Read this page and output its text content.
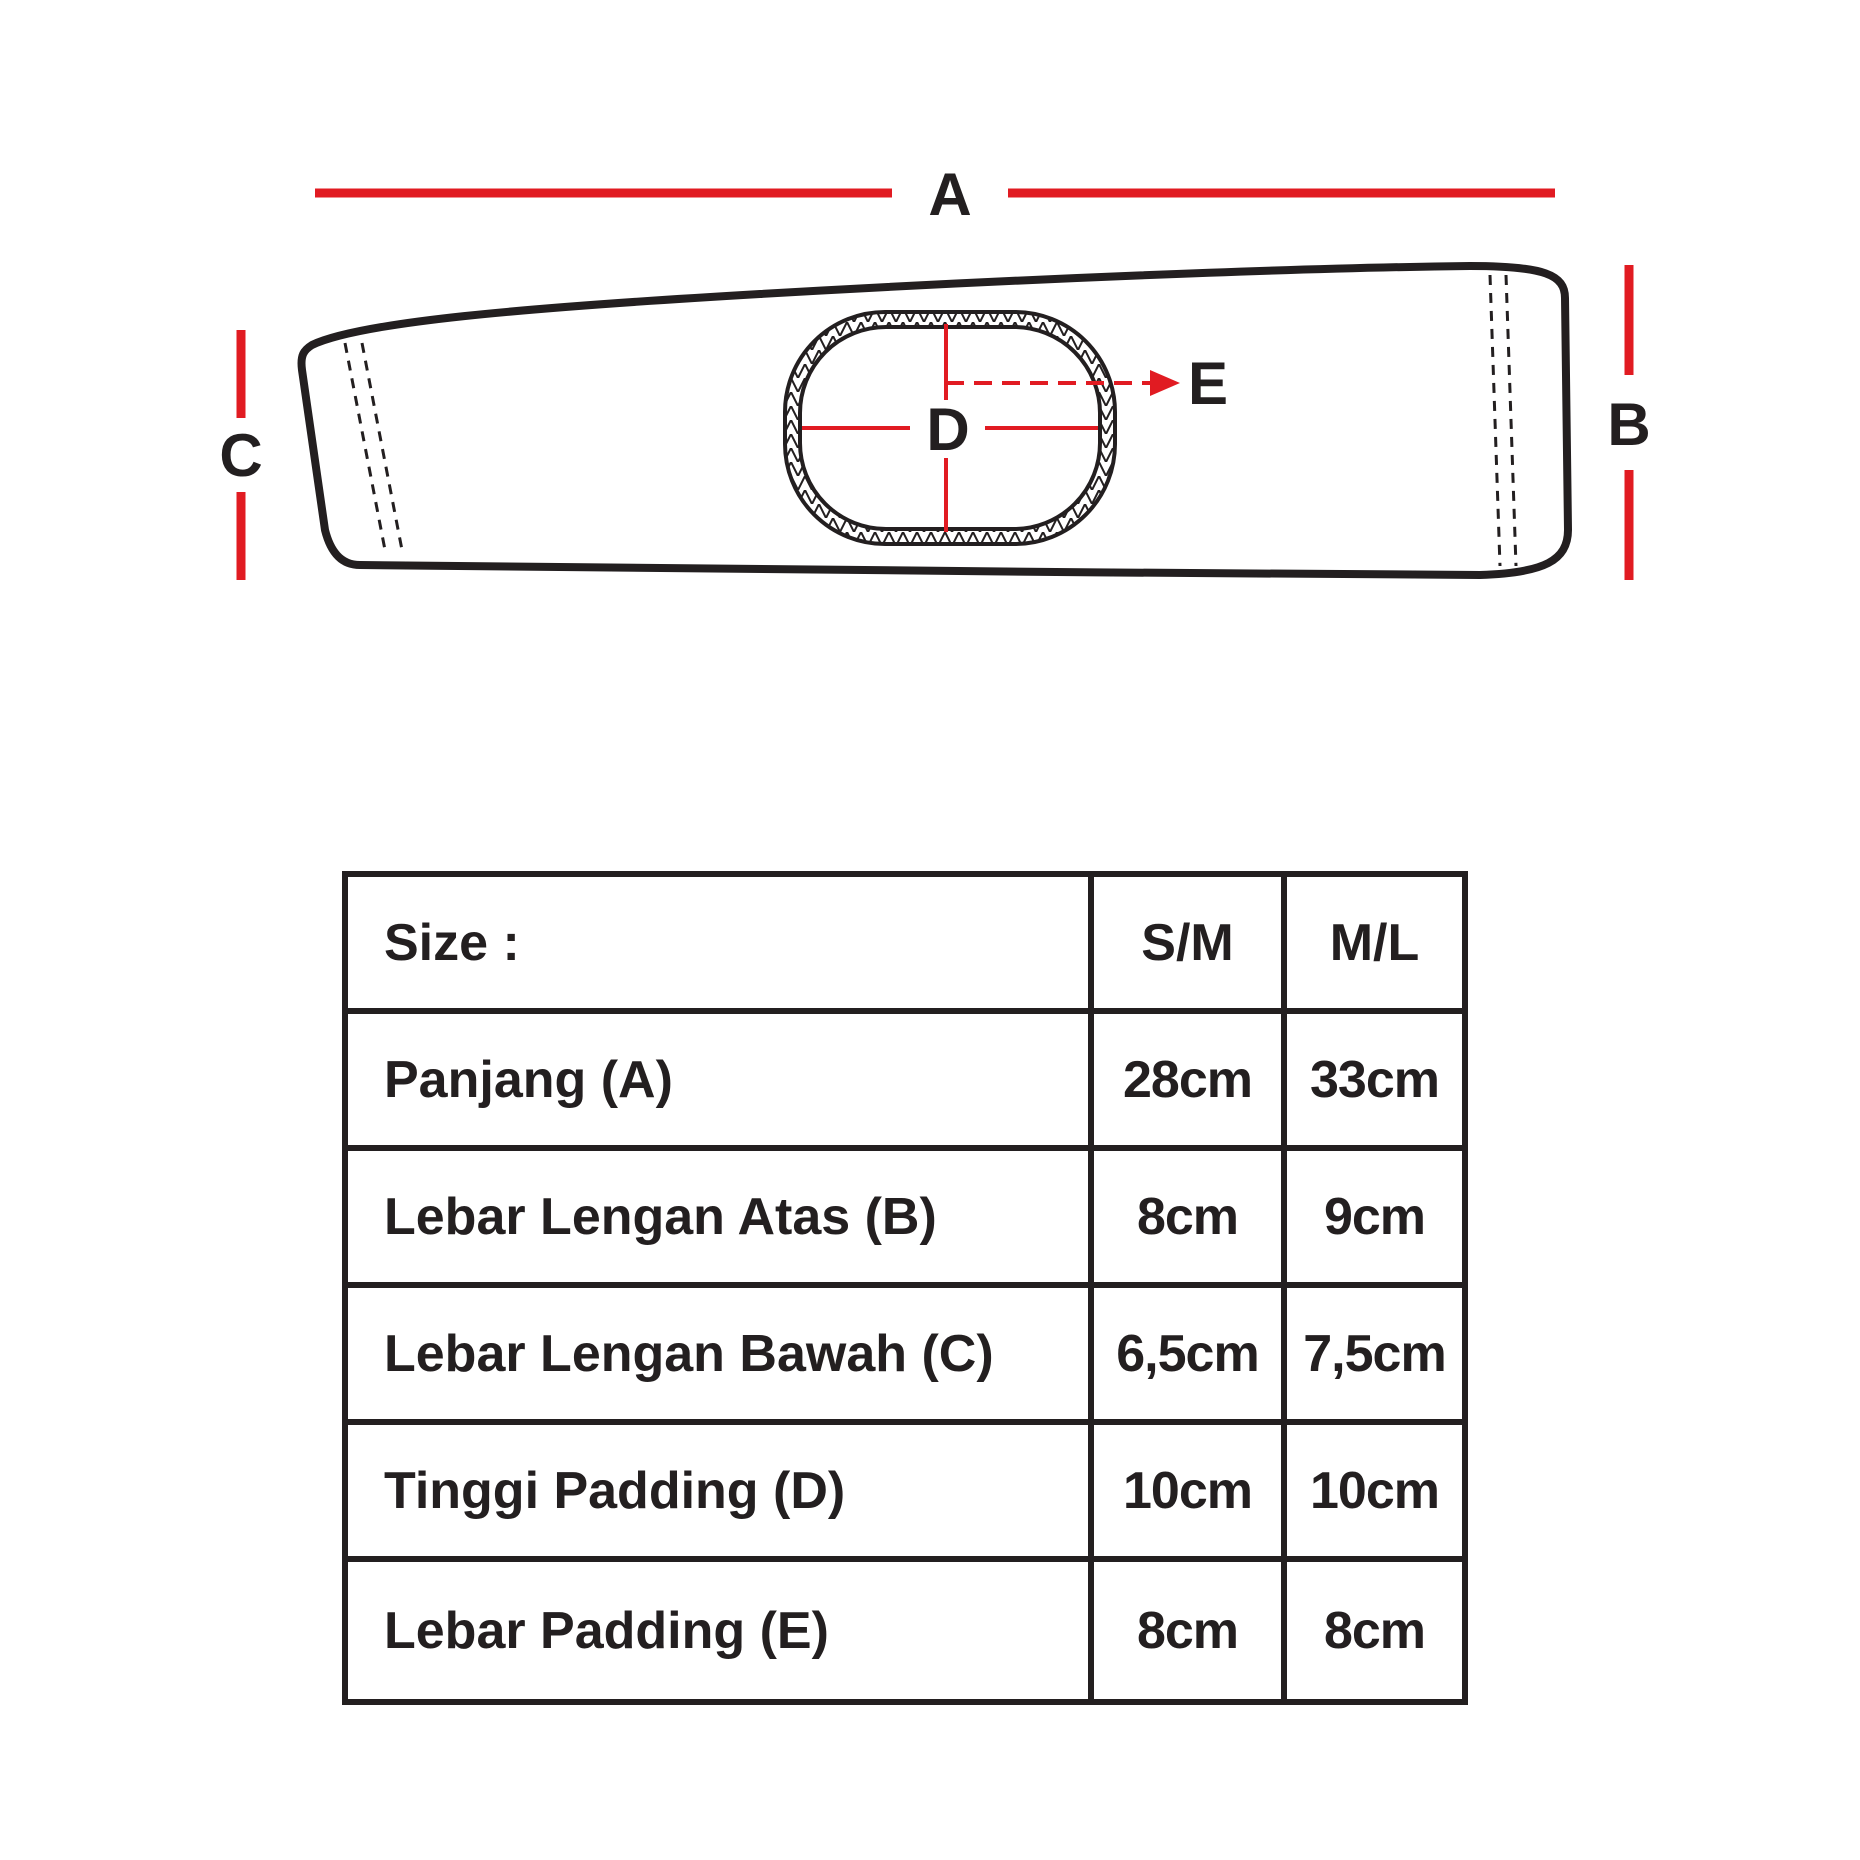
A
C	B
D
E
Size :	S/M	M/L
Panjang (A)	28cm	33cm
Lebar Lengan Atas (B)	8cm	9cm
Lebar Lengan Bawah (C)	6,5cm 7,5cm
Tinggi Padding (D)	10cm	10cm
Lebar Padding (E)	8cm	8cm
